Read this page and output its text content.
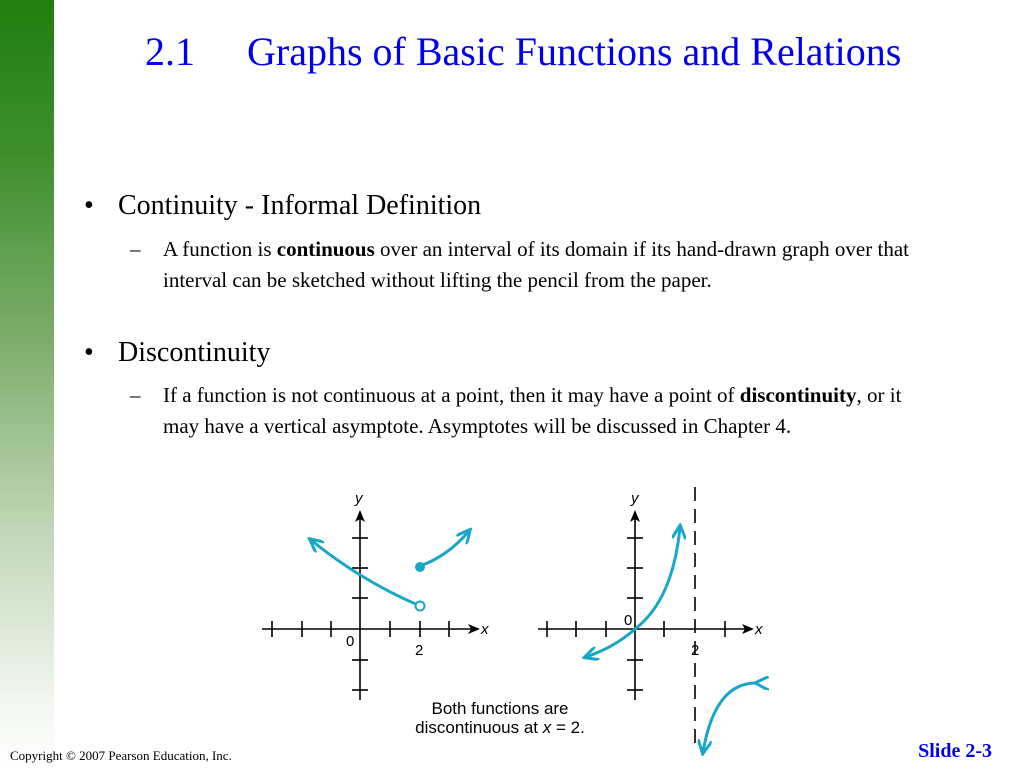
2.1 Graphs of Basic Functions and Relations
• Continuity - Informal Definition
– A function is continuous over an interval of its domain if its hand-drawn graph over that interval can be sketched without lifting the pencil from the paper.
• Discontinuity
– If a function is not continuous at a point, then it may have a point of discontinuity, or it may have a vertical asymptote. Asymptotes will be discussed in Chapter 4.
y
x
0
2
y
x
0
2
Both functions are
discontinuous at x = 2.
Copyright © 2007 Pearson Education, Inc.	Slide 2-3
